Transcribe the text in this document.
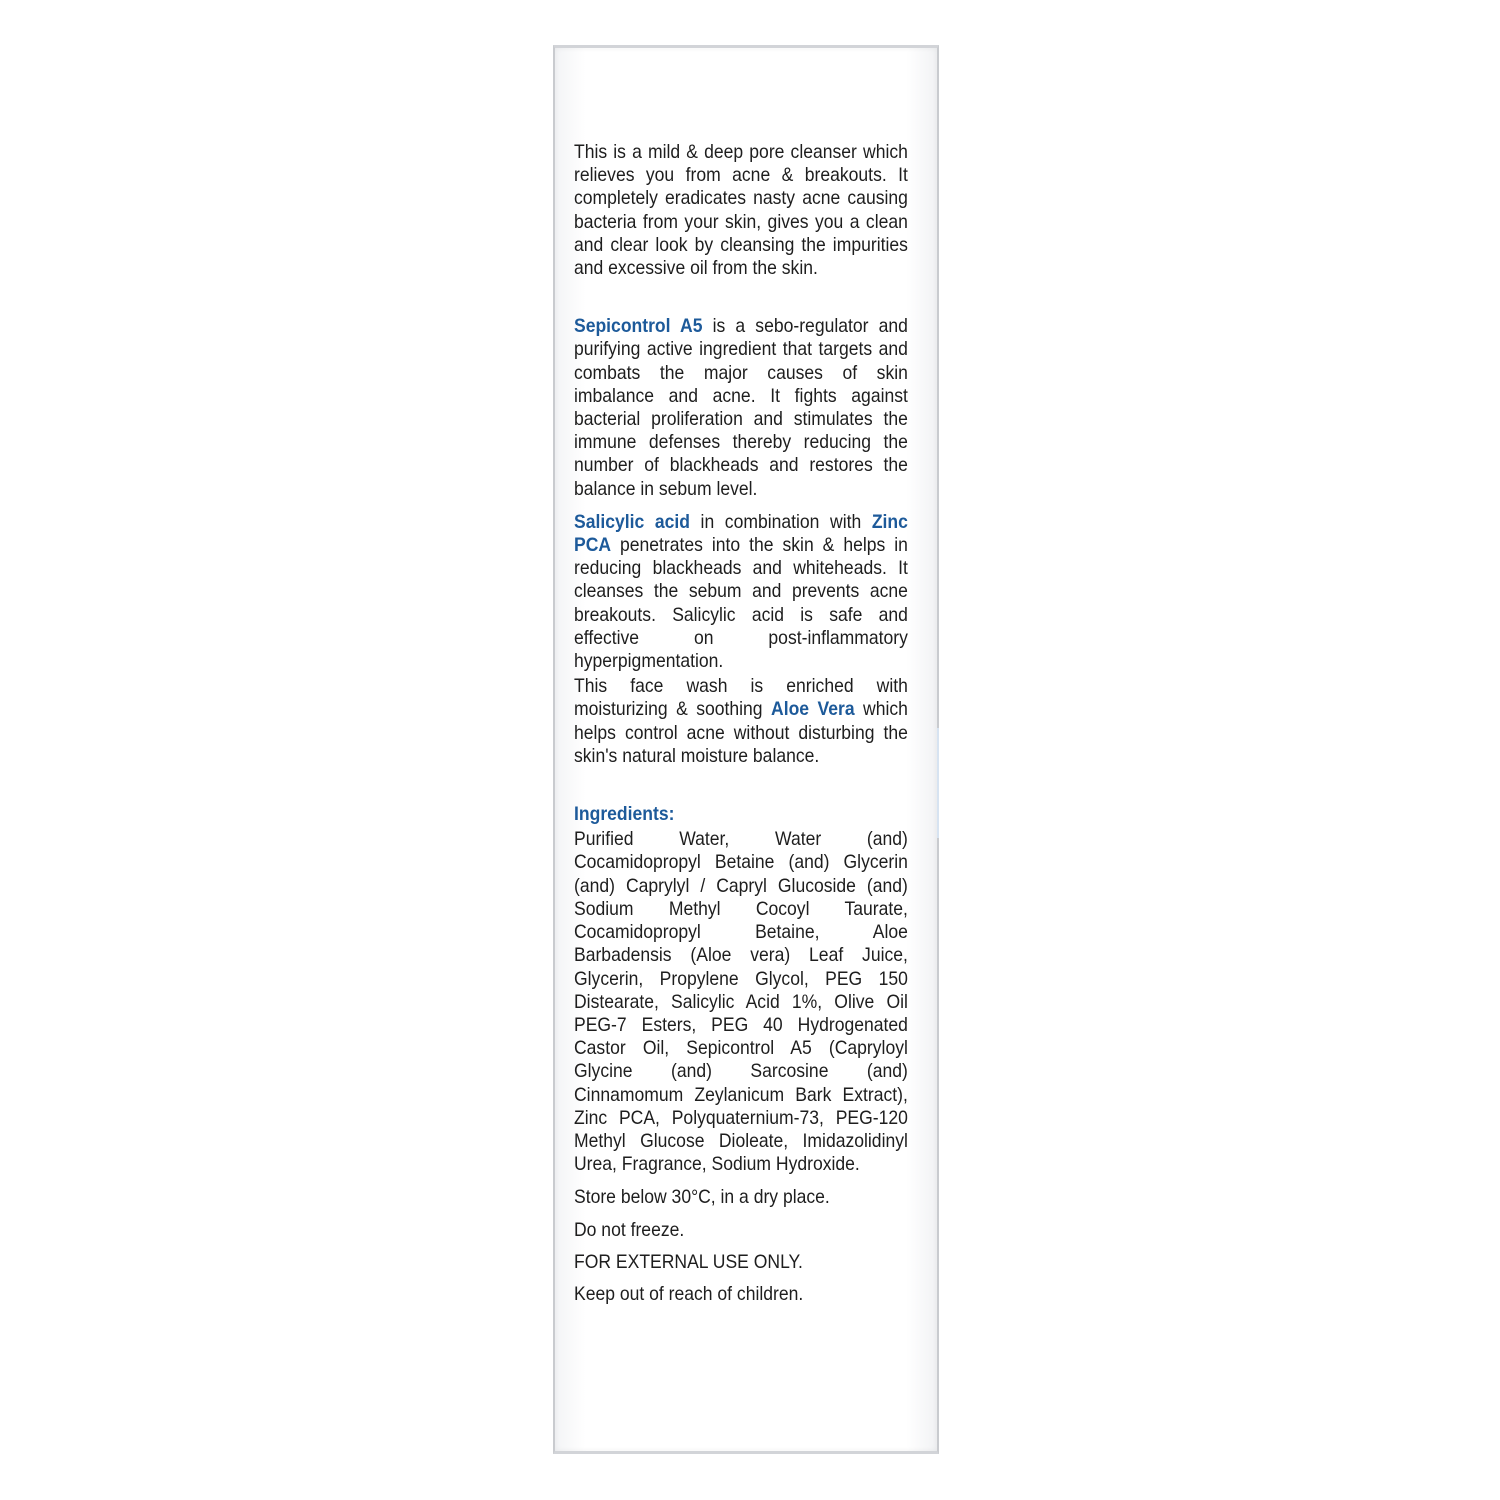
This is a mild & deep pore cleanser which relieves you from acne & breakouts. It completely eradicates nasty acne causing bacteria from your skin, gives you a clean and clear look by cleansing the impurities and excessive oil from the skin.

Sepicontrol A5 is a sebo-regulator and purifying active ingredient that targets and combats the major causes of skin imbalance and acne. It fights against bacterial proliferation and stimulates the immune defenses thereby reducing the number of blackheads and restores the balance in sebum level.

Salicylic acid in combination with Zinc PCA penetrates into the skin & helps in reducing blackheads and whiteheads. It cleanses the sebum and prevents acne breakouts. Salicylic acid is safe and effective on post-inflammatory hyperpigmentation.

This face wash is enriched with moisturizing & soothing Aloe Vera which helps control acne without disturbing the skin's natural moisture balance.

Ingredients:

Purified Water, Water (and) Cocamidopropyl Betaine (and) Glycerin (and) Caprylyl / Capryl Glucoside (and) Sodium Methyl Cocoyl Taurate, Cocamidopropyl Betaine, Aloe Barbadensis (Aloe vera) Leaf Juice, Glycerin, Propylene Glycol, PEG 150 Distearate, Salicylic Acid 1%, Olive Oil PEG-7 Esters, PEG 40 Hydrogenated Castor Oil, Sepicontrol A5 (Capryloyl Glycine (and) Sarcosine (and) Cinnamomum Zeylanicum Bark Extract), Zinc PCA, Polyquaternium-73, PEG-120 Methyl Glucose Dioleate, Imidazolidinyl Urea, Fragrance, Sodium Hydroxide.

Store below 30°C, in a dry place.

Do not freeze.

FOR EXTERNAL USE ONLY.

Keep out of reach of children.
